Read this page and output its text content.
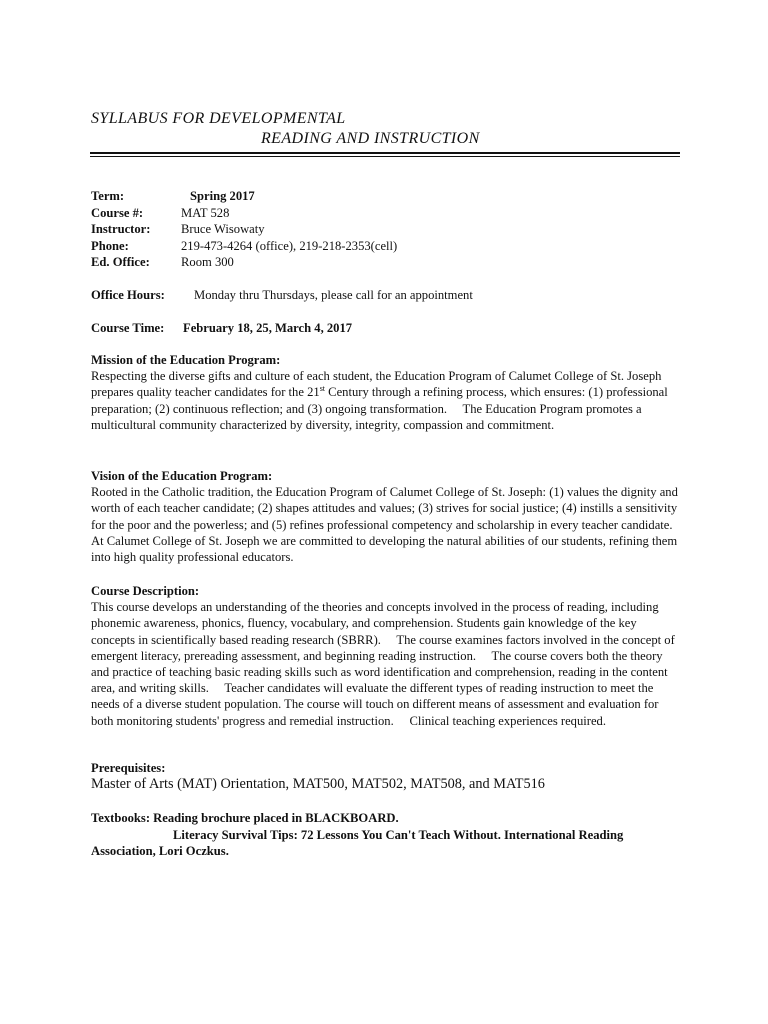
SYLLABUS FOR DEVELOPMENTAL
READING AND INSTRUCTION
Term:	Spring 2017
Course #:	MAT 528
Instructor: Bruce Wisowaty
Phone:	219-473-4264 (office), 219-218-2353(cell)
Ed. Office: Room 300
Office Hours: Monday thru Thursdays, please call for an appointment
Course Time: February 18, 25, March 4, 2017
Mission of the Education Program:

Respecting the diverse gifts and culture of each student, the Education Program of Calumet College of St. Joseph prepares quality teacher candidates for the 21st Century through a refining process, which ensures: (1) professional preparation; (2) continuous reflection; and (3) ongoing transformation.     The Education Program promotes a multicultural community characterized by diversity, integrity, compassion and commitment.

Vision of the Education Program:

Rooted in the Catholic tradition, the Education Program of Calumet College of St. Joseph: (1) values the dignity and worth of each teacher candidate; (2) shapes attitudes and values; (3) strives for social justice; (4) instills a sensitivity for the poor and the powerless; and (5) refines professional competency and scholarship in every teacher candidate.     At Calumet College of St. Joseph we are committed to developing the natural abilities of our students, refining them into high quality professional educators.

Course Description:

This course develops an understanding of the theories and concepts involved in the process of reading, including phonemic awareness, phonics, fluency, vocabulary, and comprehension. Students gain knowledge of the key concepts in scientifically based reading research (SBRR).     The course examines factors involved in the concept of emergent literacy, prereading assessment, and beginning reading instruction.     The course covers both the theory and practice of teaching basic reading skills such as word identification and comprehension, reading in the content area, and writing skills.     Teacher candidates will evaluate the different types of reading instruction to meet the needs of a diverse student population. The course will touch on different means of assessment and evaluation for both monitoring students' progress and remedial instruction.     Clinical teaching experiences required.

Prerequisites:

Master of Arts (MAT) Orientation, MAT500, MAT502, MAT508, and MAT516

Textbooks: Reading brochure placed in BLACKBOARD.
Literacy Survival Tips: 72 Lessons You Can't Teach Without. International Reading
Association, Lori Oczkus.
